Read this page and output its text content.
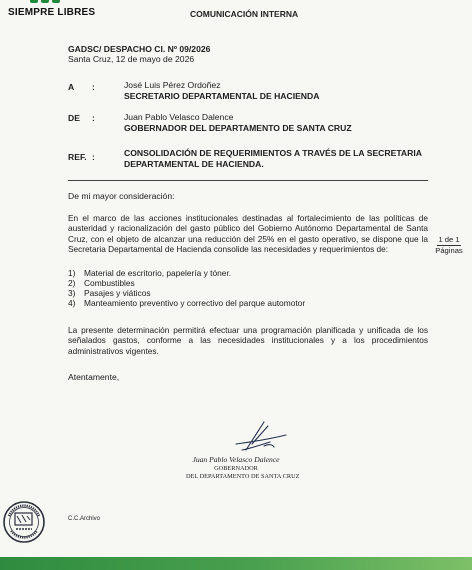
SIEMPRE LIBRES	COMUNICACIÓN INTERNA
GADSC/ DESPACHO CI. Nº 09/2026
Santa Cruz, 12 de mayo de 2026
A :	José Luis Pérez Ordoñez
SECRETARIO DEPARTAMENTAL DE HACIENDA
DE :	Juan Pablo Velasco Dalence
GOBERNADOR DEL DEPARTAMENTO DE SANTA CRUZ
REF. :	CONSOLIDACIÓN DE REQUERIMIENTOS A TRAVÉS DE LA SECRETARIA
DEPARTAMENTAL DE HACIENDA.
De mi mayor consideración:
En el marco de las acciones institucionales destinadas al fortalecimiento de las políticas de austeridad y racionalización del gasto público del Gobierno Autónomo Departamental de Santa Cruz, con el objeto de alcanzar una reducción del 25% en el gasto operativo, se dispone que la Secretaria Departamental de Hacienda consolide las necesidades y requerimientos de:
1) Material de escritorio, papelería y tóner.
2) Combustibles
3) Pasajes y viáticos
4) Manteamiento preventivo y correctivo del parque automotor
La presente determinación permitirá efectuar una programación planificada y unificada de los señalados gastos, conforme a las necesidades institucionales y a los procedimientos administrativos vigentes.
Atentamente,
1 de 1
Páginas
Juan Pablo Velasco Dalence
GOBERNADOR
DEL DEPARTAMENTO DE SANTA CRUZ
C.C.Archivo
